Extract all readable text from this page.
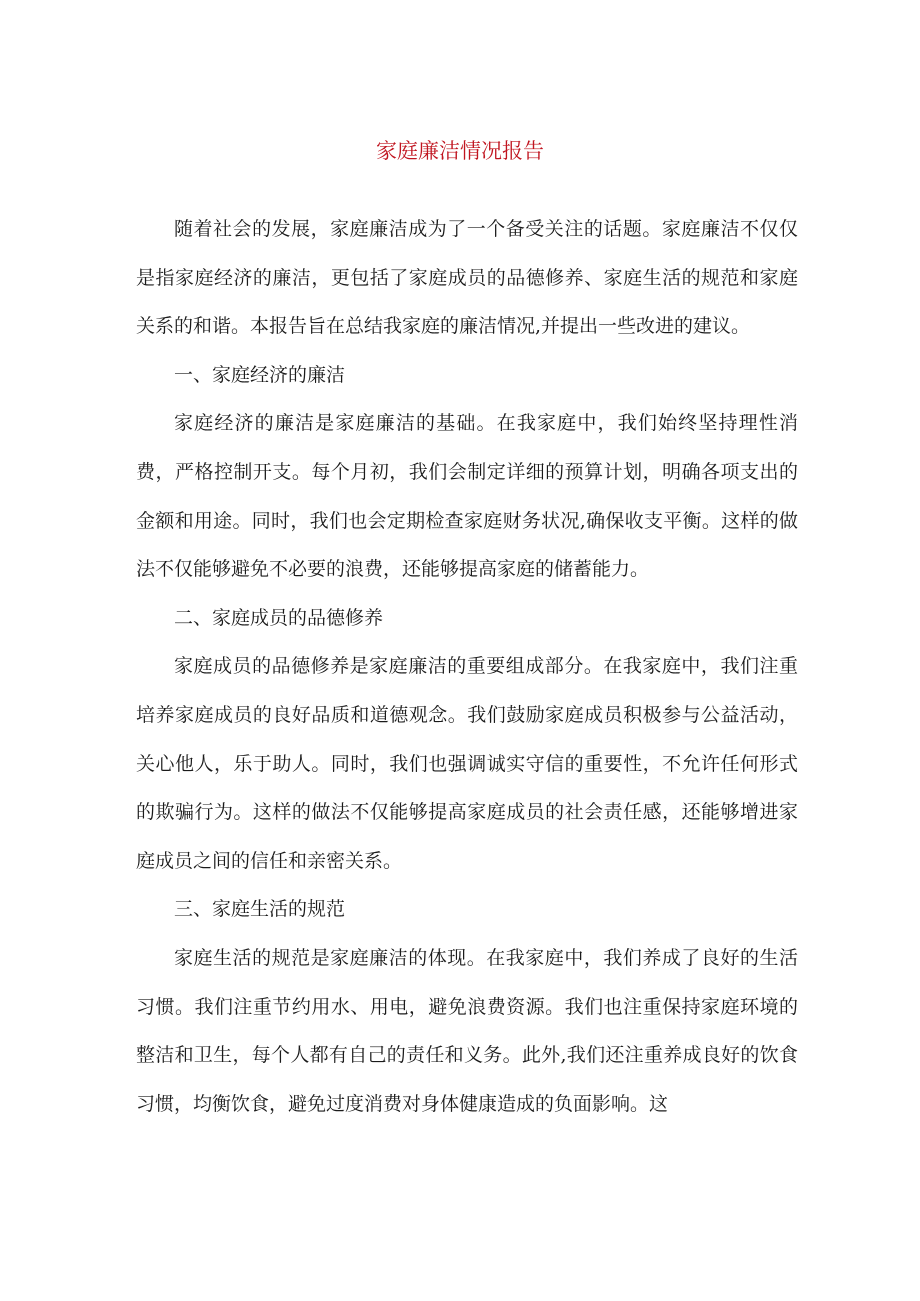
家庭廉洁情况报告

随着社会的发展，家庭廉洁成为了一个备受关注的话题。家庭廉洁不仅仅是指家庭经济的廉洁，更包括了家庭成员的品德修养、家庭生活的规范和家庭关系的和谐。本报告旨在总结我家庭的廉洁情况,并提出一些改进的建议。

一、家庭经济的廉洁

家庭经济的廉洁是家庭廉洁的基础。在我家庭中，我们始终坚持理性消费，严格控制开支。每个月初，我们会制定详细的预算计划，明确各项支出的金额和用途。同时，我们也会定期检查家庭财务状况,确保收支平衡。这样的做法不仅能够避免不必要的浪费，还能够提高家庭的储蓄能力。

二、家庭成员的品德修养

家庭成员的品德修养是家庭廉洁的重要组成部分。在我家庭中，我们注重培养家庭成员的良好品质和道德观念。我们鼓励家庭成员积极参与公益活动，关心他人，乐于助人。同时，我们也强调诚实守信的重要性，不允许任何形式的欺骗行为。这样的做法不仅能够提高家庭成员的社会责任感，还能够增进家庭成员之间的信任和亲密关系。

三、家庭生活的规范

家庭生活的规范是家庭廉洁的体现。在我家庭中，我们养成了良好的生活习惯。我们注重节约用水、用电，避免浪费资源。我们也注重保持家庭环境的整洁和卫生，每个人都有自己的责任和义务。此外,我们还注重养成良好的饮食习惯，均衡饮食，避免过度消费对身体健康造成的负面影响。这
